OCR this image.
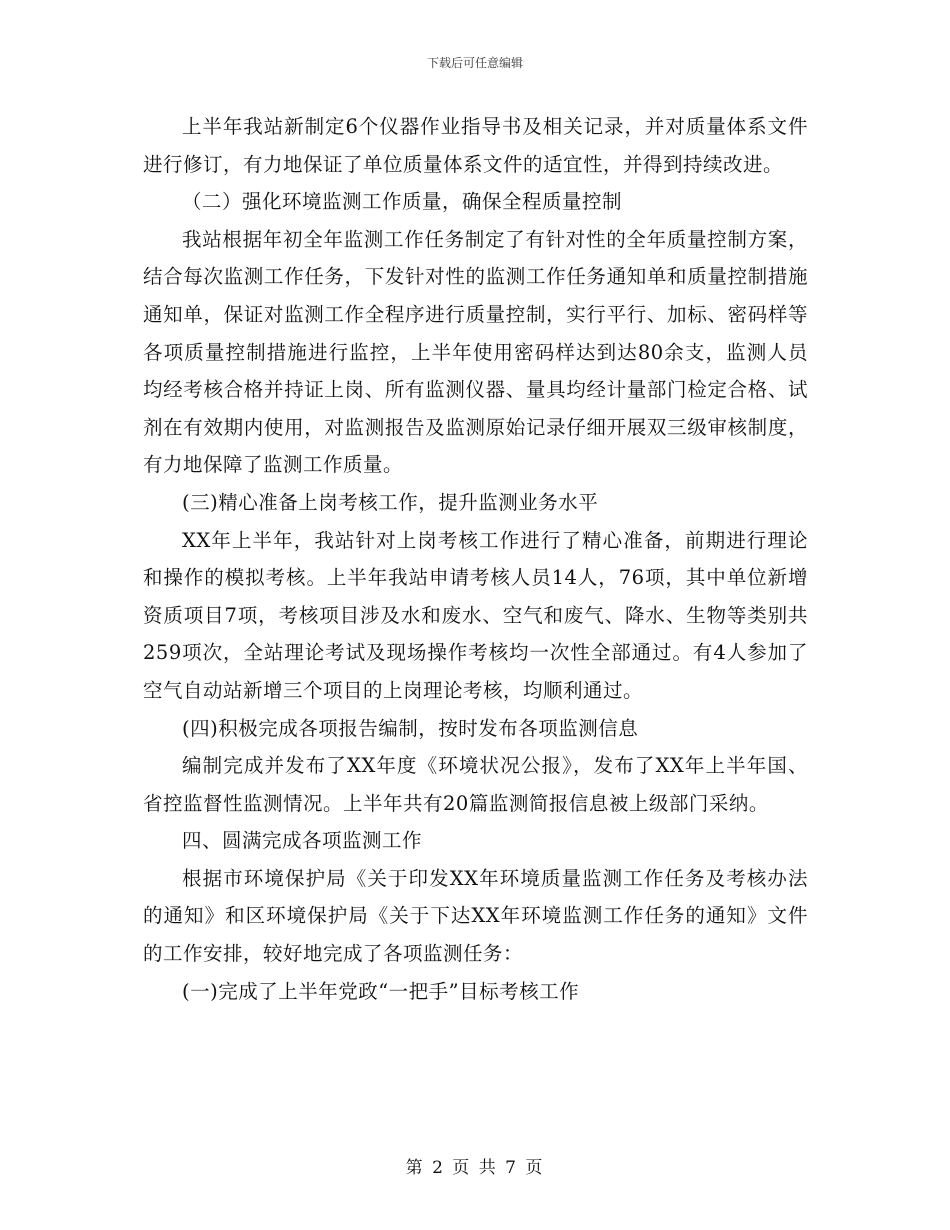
下载后可任意编辑

上半年我站新制定6个仪器作业指导书及相关记录，并对质量体系文件进行修订，有力地保证了单位质量体系文件的适宜性，并得到持续改进。

（二）强化环境监测工作质量，确保全程质量控制

我站根据年初全年监测工作任务制定了有针对性的全年质量控制方案，结合每次监测工作任务，下发针对性的监测工作任务通知单和质量控制措施通知单，保证对监测工作全程序进行质量控制，实行平行、加标、密码样等各项质量控制措施进行监控，上半年使用密码样达到达80余支，监测人员均经考核合格并持证上岗、所有监测仪器、量具均经计量部门检定合格、试剂在有效期内使用，对监测报告及监测原始记录仔细开展双三级审核制度，有力地保障了监测工作质量。

(三)精心准备上岗考核工作，提升监测业务水平

XX年上半年，我站针对上岗考核工作进行了精心准备，前期进行理论和操作的模拟考核。上半年我站申请考核人员14人，76项，其中单位新增资质项目7项，考核项目涉及水和废水、空气和废气、降水、生物等类别共259项次，全站理论考试及现场操作考核均一次性全部通过。有4人参加了空气自动站新增三个项目的上岗理论考核，均顺利通过。

(四)积极完成各项报告编制，按时发布各项监测信息

编制完成并发布了XX年度《环境状况公报》，发布了XX年上半年国、省控监督性监测情况。上半年共有20篇监测简报信息被上级部门采纳。

四、圆满完成各项监测工作

根据市环境保护局《关于印发XX年环境质量监测工作任务及考核办法的通知》和区环境保护局《关于下达XX年环境监测工作任务的通知》文件的工作安排，较好地完成了各项监测任务：

(一)完成了上半年党政“一把手”目标考核工作

第 2 页 共 7 页
